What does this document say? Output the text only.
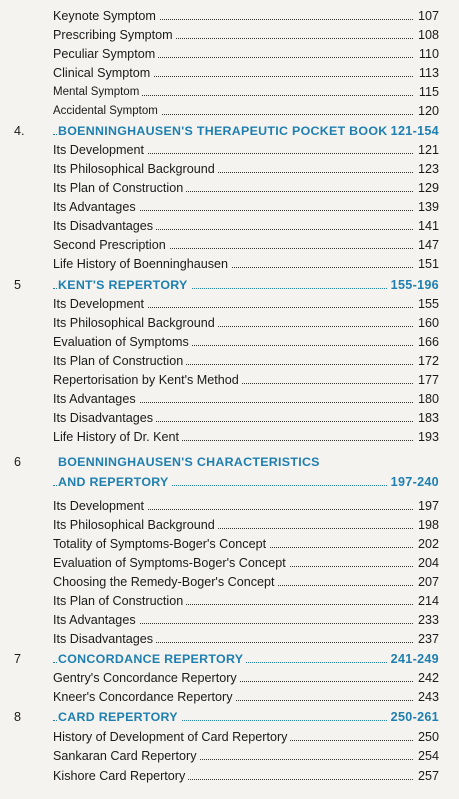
Keynote Symptom	107
Prescribing Symptom	108
Peculiar Symptom	110
Clinical Symptom	113
Mental Symptom	115
Accidental Symptom	120
4.	BOENNINGHAUSEN'S THERAPEUTIC POCKET BOOK 121-154
Its Development	121
Its Philosophical Background	123
Its Plan of Construction	129
Its Advantages	139
Its Disadvantages	141
Second Prescription	147
Life History of Boenninghausen	151
5	KENT'S REPERTORY	155-196
Its Development	155
Its Philosophical Background	160
Evaluation of Symptoms	166
Its Plan of Construction	172
Repertorisation by Kent's Method	177
Its Advantages	180
Its Disadvantages	183
Life History of Dr. Kent	193
6	BOENNINGHAUSEN'S CHARACTERISTICS
AND REPERTORY	197-240
Its Development	197
Its Philosophical Background	198
Totality of Symptoms-Boger's Concept	202
Evaluation of Symptoms-Boger's Concept	204
Choosing the Remedy-Boger's Concept	207
Its Plan of Construction	214
Its Advantages	233
Its Disadvantages	237
7	CONCORDANCE REPERTORY	241-249
Gentry's Concordance Repertory	242
Kneer's Concordance Repertory	243
8	CARD REPERTORY	250-261
History of Development of Card Repertory	250
Sankaran Card Repertory	254
Kishore Card Repertory	257
